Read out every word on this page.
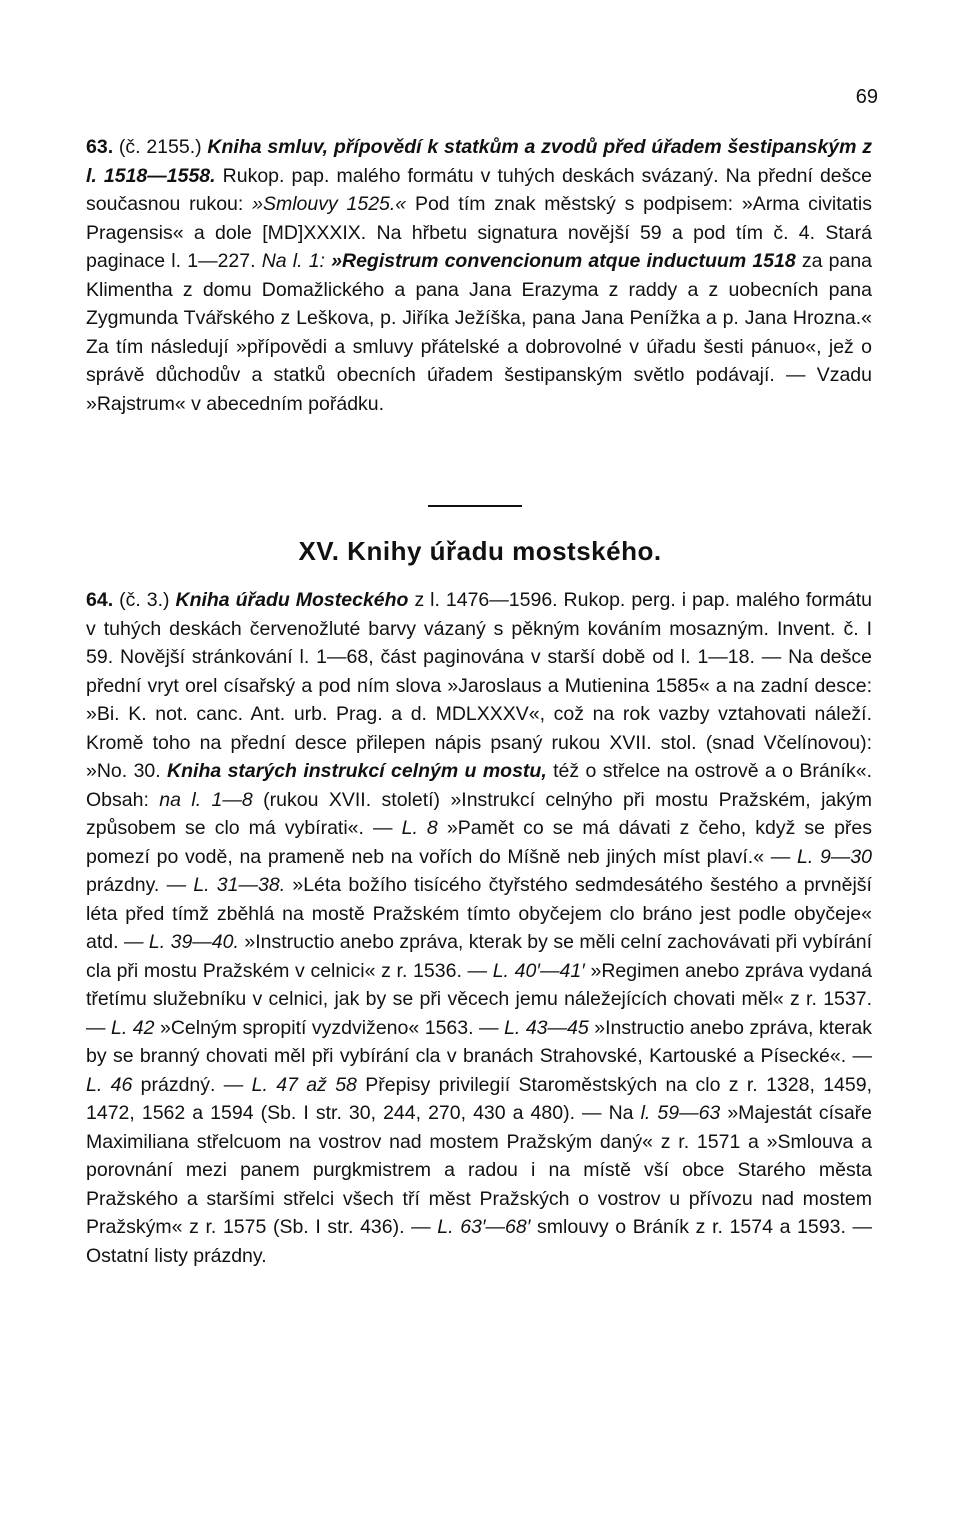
69

63. (č. 2155.) Kniha smluv, přípovědí k statkům a zvodů před úřadem šestipanským z l. 1518—1558. Rukop. pap. malého formátu v tuhých deskách svázaný. Na přední dešce současnou rukou: »Smlouvy 1525.« Pod tím znak městský s podpisem: »Arma civitatis Pragensis« a dole [MD]XXXIX. Na hřbetu signatura novější 59 a pod tím č. 4. Stará paginace l. 1—227. Na l. 1: »Registrum convencionum atque inductuum 1518 za pana Klimentha z domu Domažlického a pana Jana Erazyma z raddy a z uobecních pana Zygmunda Tvářského z Leškova, p. Jiříka Ježíška, pana Jana Penížka a p. Jana Hrozna.« Za tím následují »přípovědi a smluvy přátelské a dobrovolné v úřadu šesti pánuo«, jež o správě důchodův a statků obecních úřadem šestipanským světlo podávají. — Vzadu »Rajstrum« v abecedním pořádku.

XV. Knihy úřadu mostského.

64. (č. 3.) Kniha úřadu Mosteckého z l. 1476—1596. Rukop. perg. i pap. malého formátu v tuhých deskách červenožluté barvy vázaný s pěkným kováním mosazným. Invent. č. I 59. Novější stránkování l. 1—68, část paginována v starší době od l. 1—18. — Na dešce přední vryt orel císařský a pod ním slova »Jaroslaus a Mutienina 1585« a na zadní desce: »Bi. K. not. canc. Ant. urb. Prag. a d. MDLXXXV«, což na rok vazby vztahovati náleží. Kromě toho na přední desce přilepen nápis psaný rukou XVII. stol. (snad Včelínovou): »No. 30. Kniha starých instrukcí celným u mostu, též o střelce na ostrově a o Bráník«. Obsah: na l. 1—8 (rukou XVII. století) »Instrukcí celnýho při mostu Pražském, jakým způsobem se clo má vybírati«. — L. 8 »Pamět co se má dávati z čeho, když se přes pomezí po vodě, na prameně neb na vořích do Míšně neb jiných míst plaví.« — L. 9—30 prázdny. — L. 31—38. »Léta božího tisícého čtyřstého sedmdesátého šestého a prvnější léta před tímž zběhlá na mostě Pražském tímto obyčejem clo bráno jest podle obyčeje« atd. — L. 39—40. »Instructio anebo zpráva, kterak by se měli celní zachovávati při vybírání cla při mostu Pražském v celnici« z r. 1536. — L. 40′—41′ »Regimen anebo zpráva vydaná třetímu služebníku v celnici, jak by se při věcech jemu náležejících chovati měl« z r. 1537. — L. 42 »Celným spropití vyzdviženo« 1563. — L. 43—45 »Instructio anebo zpráva, kterak by se branný chovati měl při vybírání cla v branách Strahovské, Kartouské a Písecké«. — L. 46 prázdný. — L. 47 až 58 Přepisy privilegií Staroměstských na clo z r. 1328, 1459, 1472, 1562 a 1594 (Sb. I str. 30, 244, 270, 430 a 480). — Na l. 59—63 »Majestát císaře Maximiliana střelcuom na vostrov nad mostem Pražským daný« z r. 1571 a »Smlouva a porovnání mezi panem purgkmistrem a radou i na místě vší obce Starého města Pražského a staršími střelci všech tří měst Pražských o vostrov u přívozu nad mostem Pražským« z r. 1575 (Sb. I str. 436). — L. 63′—68′ smlouvy o Bráník z r. 1574 a 1593. — Ostatní listy prázdny.
